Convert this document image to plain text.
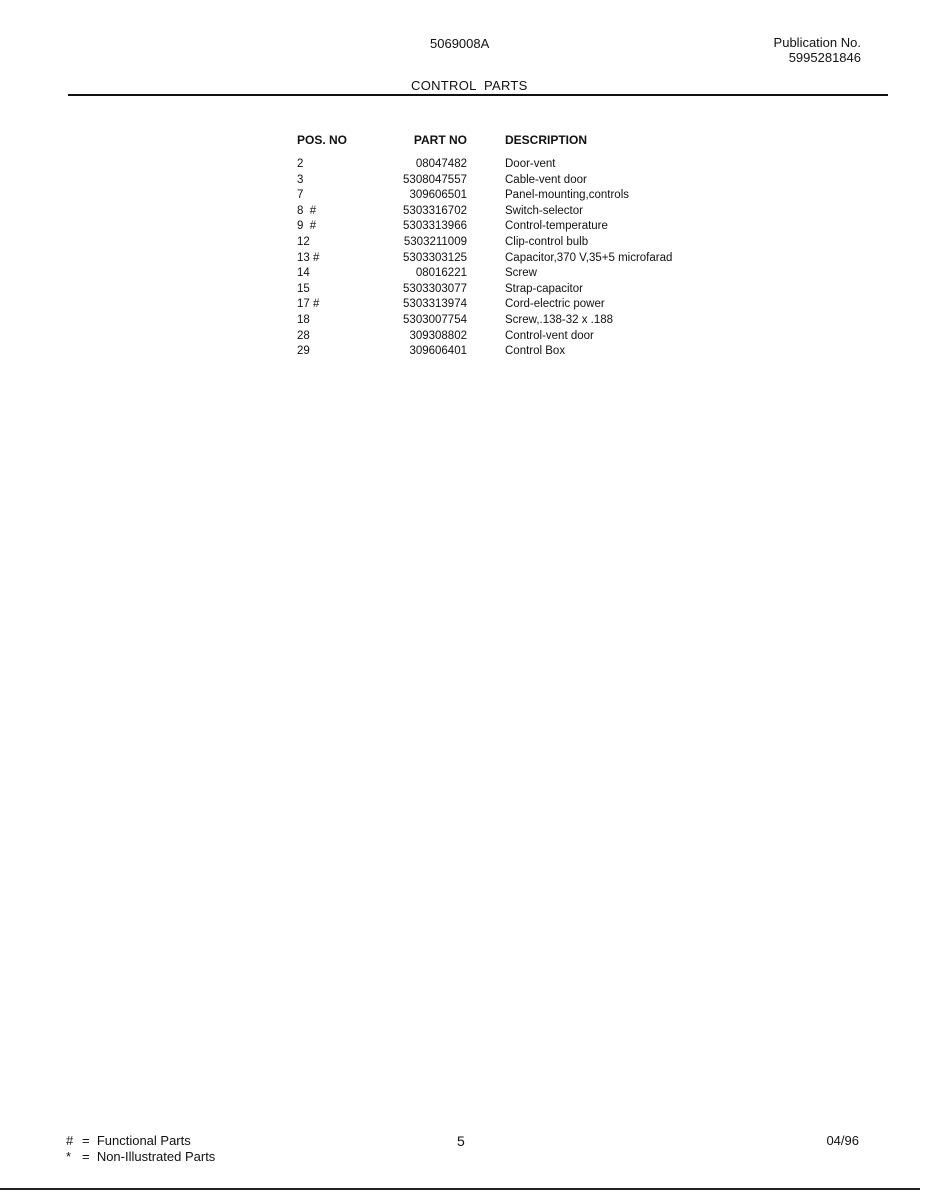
5069008A	Publication No.
5995281846
CONTROL  PARTS
POS. NO	PART NO	DESCRIPTION
2	08047482	Door-vent
3	5308047557	Cable-vent door
7	309606501	Panel-mounting,controls
8  #	5303316702	Switch-selector
9  #	5303313966	Control-temperature
12	5303211009	Clip-control bulb
13 #	5303303125	Capacitor,370 V,35+5 microfarad
14	08016221	Screw
15	5303303077	Strap-capacitor
17 #	5303313974	Cord-electric power
18	5303007754	Screw,.138-32 x .188
28	309308802	Control-vent door
29	309606401	Control Box
# =  Functional Parts
* =  Non-Illustrated Parts
5	04/96
